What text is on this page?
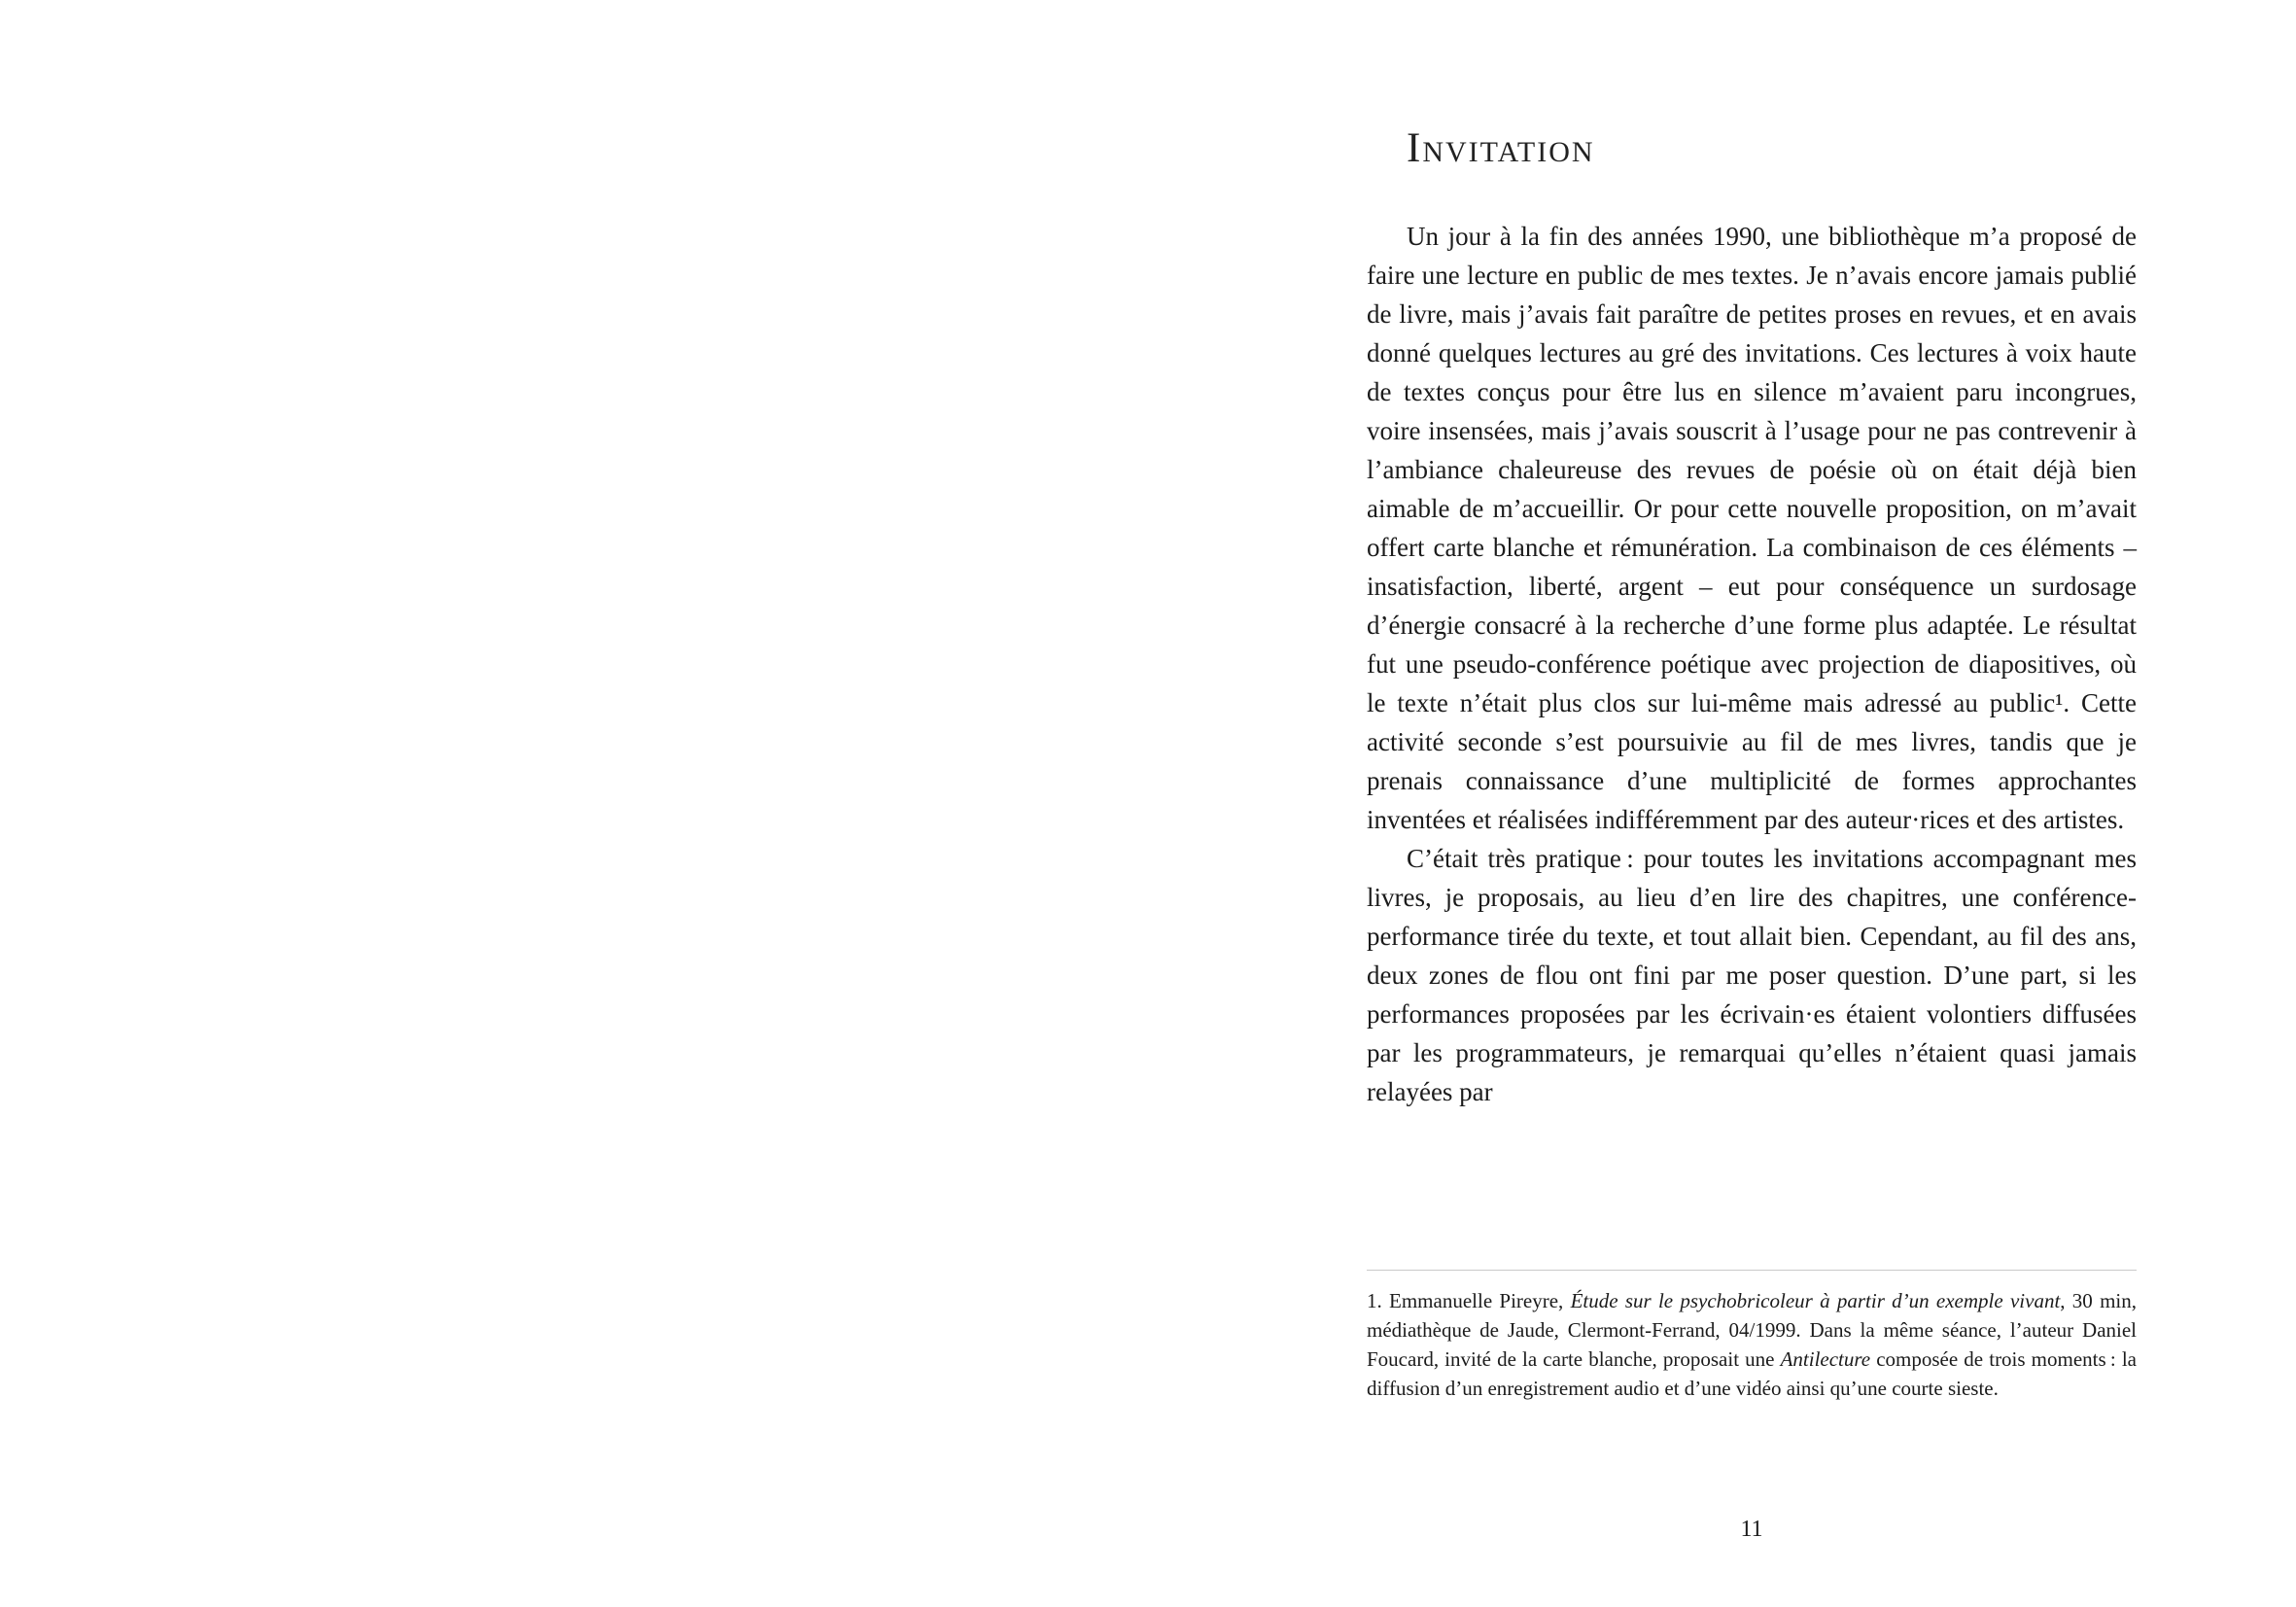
Invitation

Un jour à la fin des années 1990, une bibliothèque m’a proposé de faire une lecture en public de mes textes. Je n’avais encore jamais publié de livre, mais j’avais fait paraître de petites proses en revues, et en avais donné quelques lectures au gré des invitations. Ces lectures à voix haute de textes conçus pour être lus en silence m’avaient paru incongrues, voire insensées, mais j’avais souscrit à l’usage pour ne pas contrevenir à l’ambiance chaleureuse des revues de poésie où on était déjà bien aimable de m’accueillir. Or pour cette nouvelle proposition, on m’avait offert carte blanche et rémunération. La combinaison de ces éléments – insatisfaction, liberté, argent – eut pour conséquence un surdosage d’énergie consacré à la recherche d’une forme plus adaptée. Le résultat fut une pseudo-conférence poétique avec projection de diapositives, où le texte n’était plus clos sur lui-même mais adressé au public¹. Cette activité seconde s’est poursuivie au fil de mes livres, tandis que je prenais connaissance d’une multiplicité de formes approchantes inventées et réalisées indifféremment par des auteur·rices et des artistes.

C’était très pratique : pour toutes les invitations accompagnant mes livres, je proposais, au lieu d’en lire des chapitres, une conférence-performance tirée du texte, et tout allait bien. Cependant, au fil des ans, deux zones de flou ont fini par me poser question. D’une part, si les performances proposées par les écrivain·es étaient volontiers diffusées par les programmateurs, je remarquai qu’elles n’étaient quasi jamais relayées par

1. Emmanuelle Pireyre, Étude sur le psychobricoleur à partir d’un exemple vivant, 30 min, médiathèque de Jaude, Clermont-Ferrand, 04/1999. Dans la même séance, l’auteur Daniel Foucard, invité de la carte blanche, proposait une Antilecture composée de trois moments : la diffusion d’un enregistrement audio et d’une vidéo ainsi qu’une courte sieste.

11
